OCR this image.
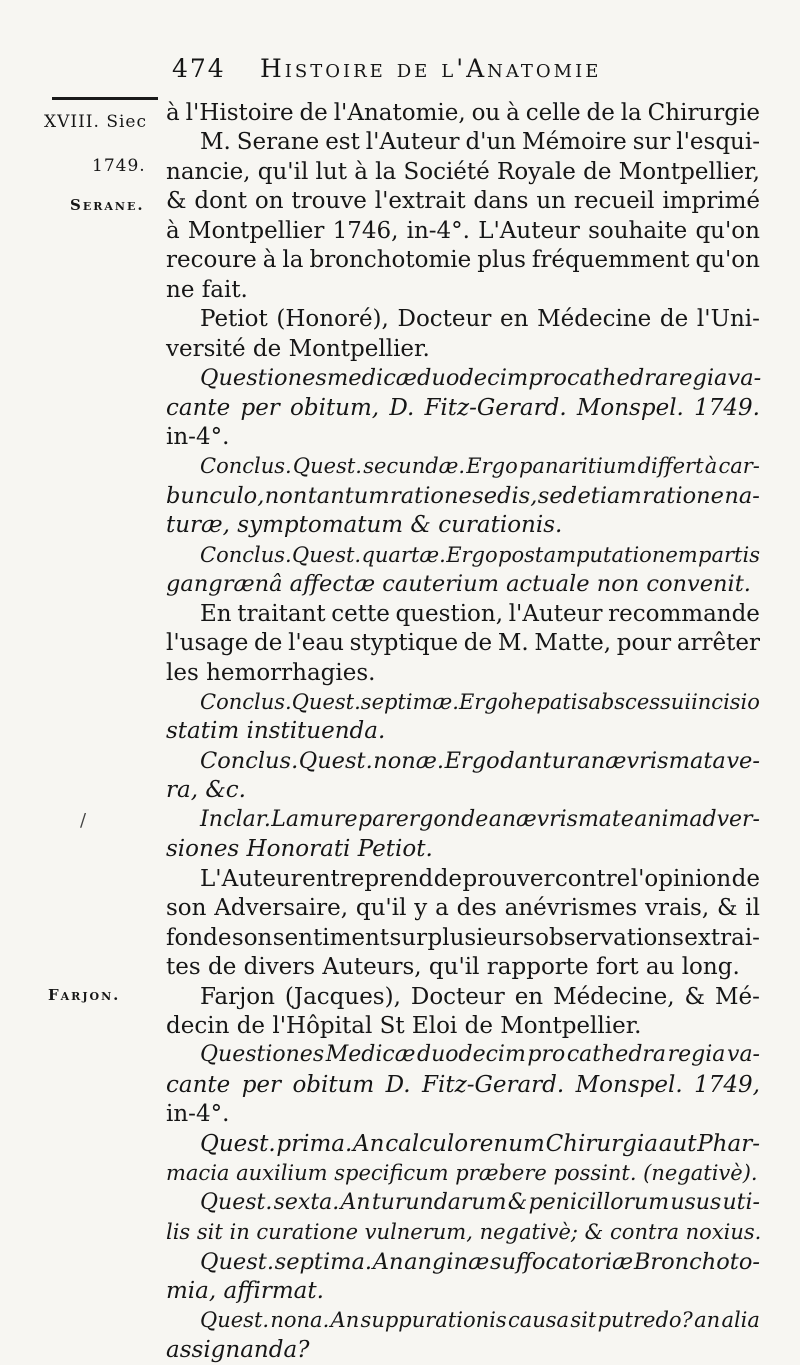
474 Histoire de l'Anatomie
XVIII. Siec
1749.
Serane.
Farjon.
/
à l'Histoire de l'Anatomie, ou à celle de la Chirurgie
M. Serane est l'Auteur d'un Mémoire sur l'esqui-
nancie, qu'il lut à la Société Royale de Montpellier,
& dont on trouve l'extrait dans un recueil imprimé
à Montpellier 1746, in-4°. L'Auteur souhaite qu'on
recoure à la bronchotomie plus fréquemment qu'on
ne fait.
Petiot (Honoré), Docteur en Médecine de l'Uni-
versité de Montpellier.
Questiones medicæ duodecim pro cathedra regia va-
cante per obitum, D. Fitz-Gerard. Monspel. 1749.
in-4°.
Conclus. Quest. secundæ. Ergo panaritium differt à car-
bunculo, non tantum ratione sedis, sed etiam ratione na-
turæ, symptomatum & curationis.
Conclus. Quest. quartæ. Ergo post amputationem partis
gangrænâ affectæ cauterium actuale non convenit.
En traitant cette question, l'Auteur recommande
l'usage de l'eau styptique de M. Matte, pour arrêter
les hemorrhagies.
Conclus. Quest. septimæ. Ergo hepatis abscessui incisio
statim instituenda.
Conclus. Quest. nonæ. Ergo dantur anævrismata ve-
ra, &c.
In clar. Lamure parergon de anævrismate animadver-
siones Honorati Petiot.
L'Auteur entreprend de prouver contre l'opinion de
son Adversaire, qu'il y a des anévrismes vrais, & il
fonde son sentiment sur plusieurs observations extrai-
tes de divers Auteurs, qu'il rapporte fort au long.
Farjon (Jacques), Docteur en Médecine, & Mé-
decin de l'Hôpital St Eloi de Montpellier.
Questiones Medicæ duodecim pro cathedra regia va-
cante per obitum D. Fitz-Gerard. Monspel. 1749,
in-4°.
Quest. prima. An calculo renum Chirurgia aut Phar-
macia auxilium specificum præbere possint. (negativè).
Quest. sexta. An turundarum & penicillorum usus uti-
lis sit in curatione vulnerum, negativè; & contra noxius.
Quest. septima. An anginæ suffocatoriæ Bronchoto-
mia, affirmat.
Quest. nona. An suppurationis causa sit putredo? an alia
assignanda?
